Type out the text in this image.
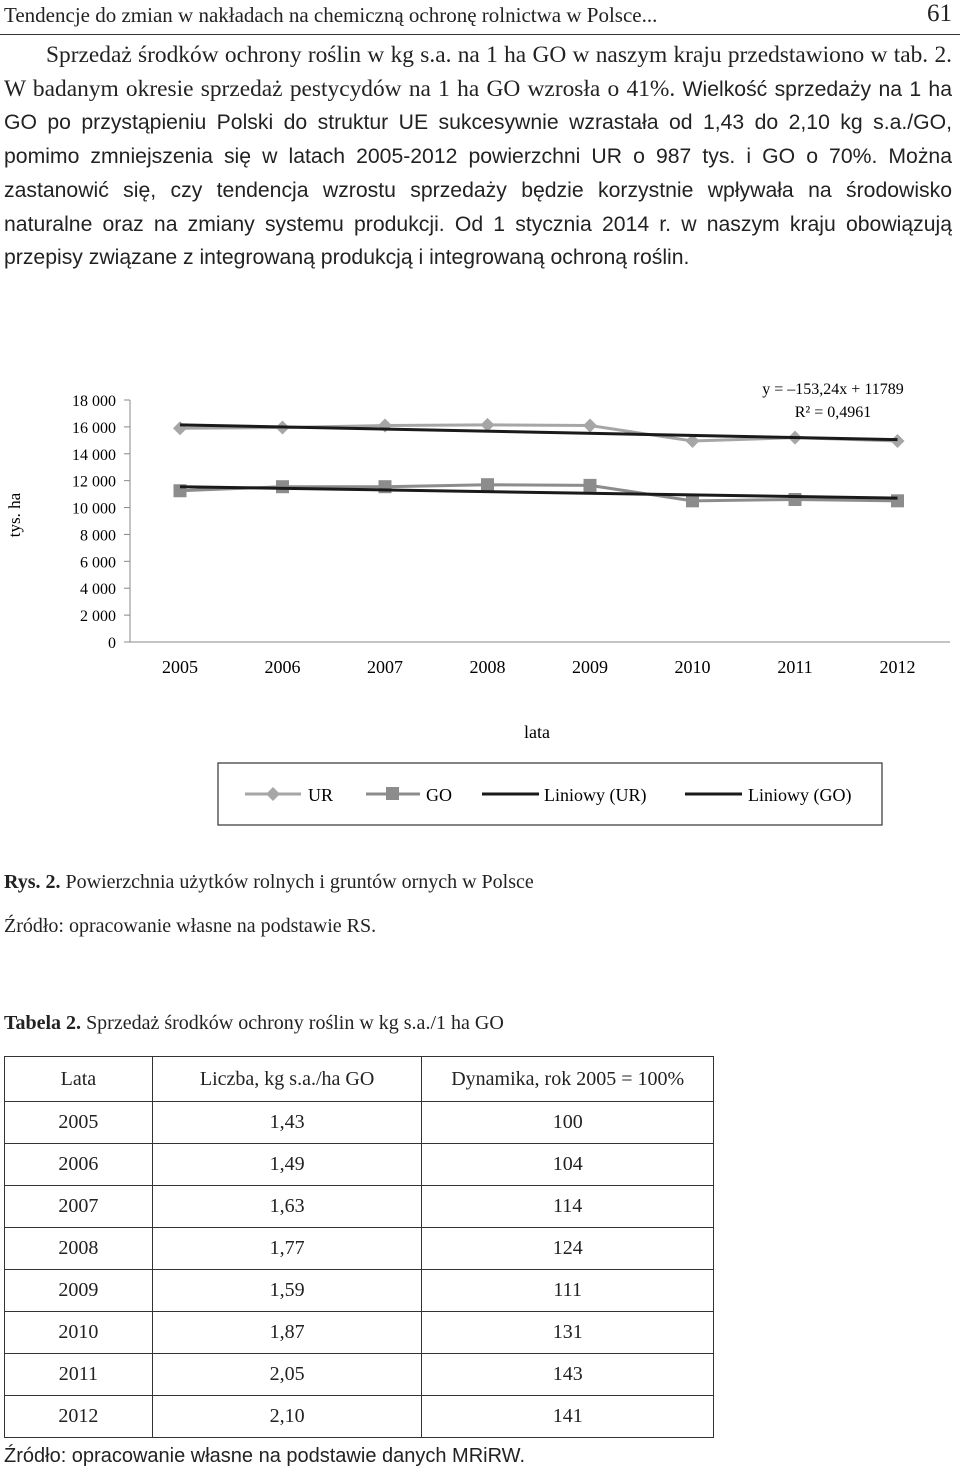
Tendencje do zmian w nakładach na chemiczną ochronę rolnictwa w Polsce...	61

Sprzedaż środków ochrony roślin w kg s.a. na 1 ha GO w naszym kraju przedstawiono w tab. 2. W badanym okresie sprzedaż pestycydów na 1 ha GO wzrosła o 41%. Wielkość sprzedaży na 1 ha GO po przystąpieniu Polski do struktur UE sukcesywnie wzrastała od 1,43 do 2,10 kg s.a./GO, pomimo zmniejszenia się w latach 2005-2012 powierzchni UR o 987 tys. i GO o 70%. Można zastanowić się, czy tendencja wzrostu sprzedaży będzie korzystnie wpływała na środowisko naturalne oraz na zmiany systemu produkcji. Od 1 stycznia 2014 r. w naszym kraju obowiązują przepisy związane z integrowaną produkcją i integrowaną ochroną roślin.

18 000
16 000
14 000
12 000
10 000
8 000
6 000
4 000
2 000
0
2005	2006	2007	2008	2009	2010	2011	2012
tys. ha
lata
y = –153,24x + 11789
R² = 0,4961
UR	GO	Liniowy (UR)	Liniowy (GO)
Rys. 2. Powierzchnia użytków rolnych i gruntów ornych w Polsce
Źródło: opracowanie własne na podstawie RS.
Tabela 2. Sprzedaż środków ochrony roślin w kg s.a./1 ha GO
Lata	Liczba, kg s.a./ha GO	Dynamika, rok 2005 = 100%
2005	1,43	100
2006	1,49	104
2007	1,63	114
2008	1,77	124
2009	1,59	111
2010	1,87	131
2011	2,05	143
2012	2,10	141
Źródło: opracowanie własne na podstawie danych MRiRW.
